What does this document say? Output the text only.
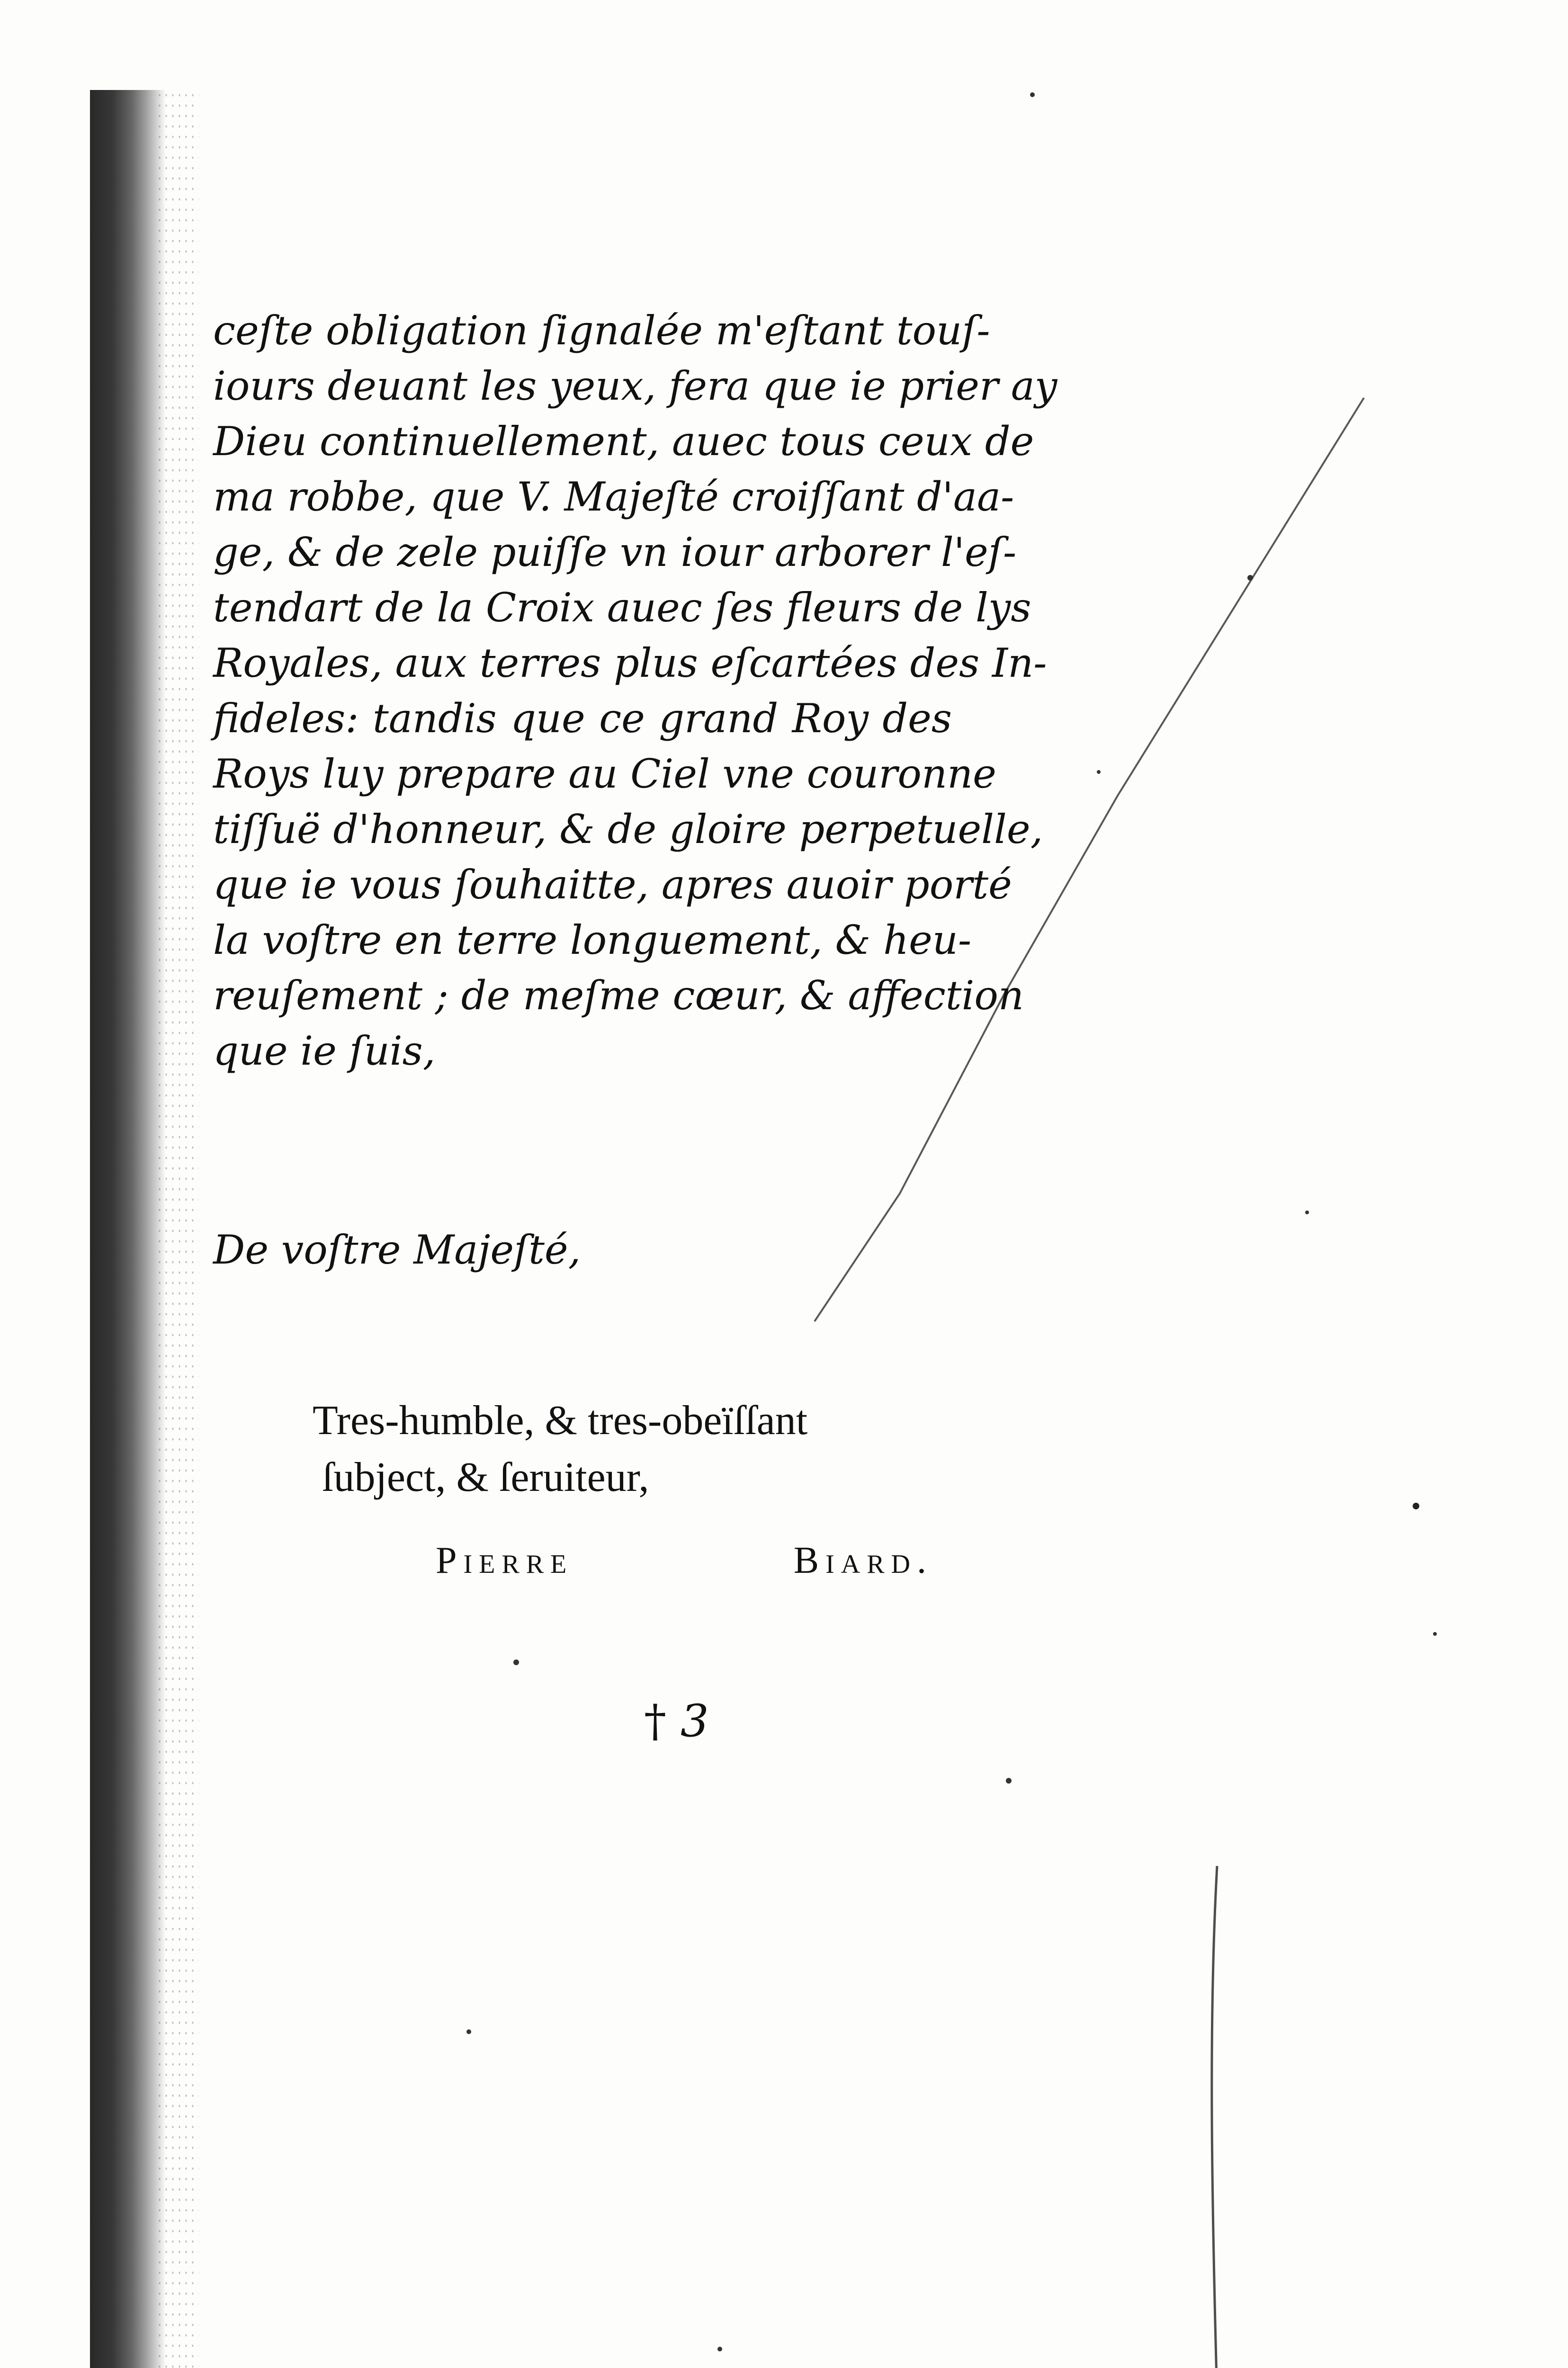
ceſte obligation ſignalée m'eſtant touſ-
iours deuant les yeux, fera que ie prier ay
Dieu continuellement, auec tous ceux de
ma robbe, que V. Majeſté croiſſant d'aa-
ge, & de zele puiſſe vn iour arborer l'eſ-
tendart de la Croix auec ſes fleurs de lys
Royales, aux terres plus eſcartées des In-
fideles: tandis que ce grand Roy des
Roys luy prepare au Ciel vne couronne
tiſſuë d'honneur, & de gloire perpetuelle,
que ie vous ſouhaitte, apres auoir porté
la voſtre en terre longuement, & heu-
reuſement ; de meſme cœur, & affection
que ie ſuis,
De voſtre Majeſté,
Tres-humble, & tres-obeïſſant
ſubject, & ſeruiteur,
Pierre	Biard.
† 3
